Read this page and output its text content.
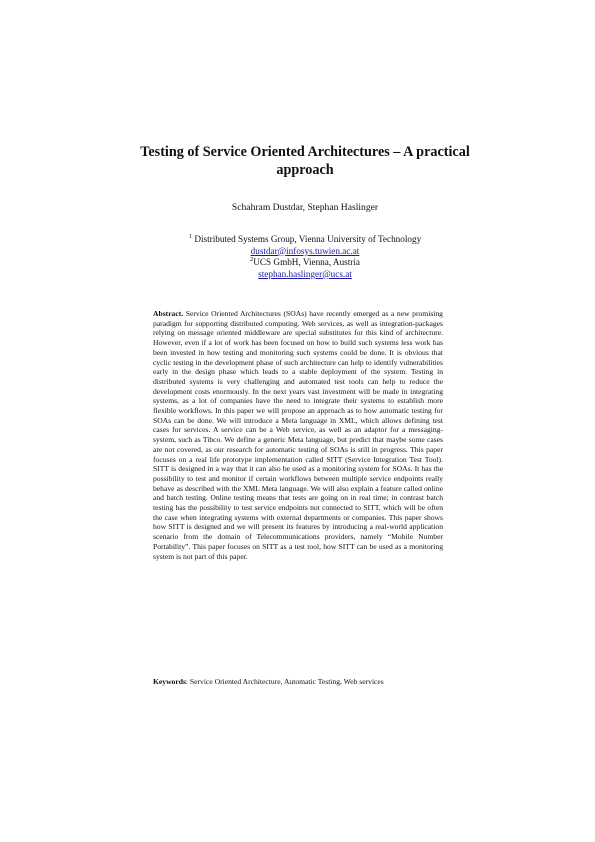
Testing of Service Oriented Architectures – A practical approach
Schahram Dustdar, Stephan Haslinger
$^1$ Distributed Systems Group, Vienna University of Technology
dustdar@infosys.tuwien.ac.at
$^2$UCS GmbH, Vienna, Austria
stephan.haslinger@ucs.at

Abstract. Service Oriented Architectures (SOAs) have recently emerged as a new promising paradigm for supporting distributed computing. Web services, as well as integration-packages relying on message oriented middleware are special substitutes for this kind of architecture. However, even if a lot of work has been focused on how to build such systems less work has been invested in how testing and monitoring such systems could be done. It is obvious that cyclic testing in the development phase of such architecture can help to identify vulnerabilities early in the design phase which leads to a stable deployment of the system. Testing in distributed systems is very challenging and automated test tools can help to reduce the development costs enormously. In the next years vast investment will be made in integrating systems, as a lot of companies have the need to integrate their systems to establish more flexible workflows. In this paper we will propose an approach as to how automatic testing for SOAs can be done. We will introduce a Meta language in XML, which allows defining test cases for services. A service can be a Web service, as well as an adaptor for a messaging-system, such as Tibco. We define a generic Meta language, but predict that maybe some cases are not covered, as our research for automatic testing of SOAs is still in progress. This paper focuses on a real life prototype implementation called SITT (Service Integration Test Tool). SITT is designed in a way that it can also be used as a monitoring system for SOAs. It has the possibility to test and monitor if certain workflows between multiple service endpoints really behave as described with the XML Meta language. We will also explain a feature called online and batch testing. Online testing means that tests are going on in real time; in contrast batch testing has the possibility to test service endpoints not connected to SITT, which will be often the case when integrating systems with external departments or companies. This paper shows how SITT is designed and we will present its features by introducing a real-world application scenario from the domain of Telecommunications providers, namely “Mobile Number Portability”. This paper focuses on SITT as a test tool, how SITT can be used as a monitoring system is not part of this paper.

Keywords: Service Oriented Architecture, Automatic Testing, Web services
